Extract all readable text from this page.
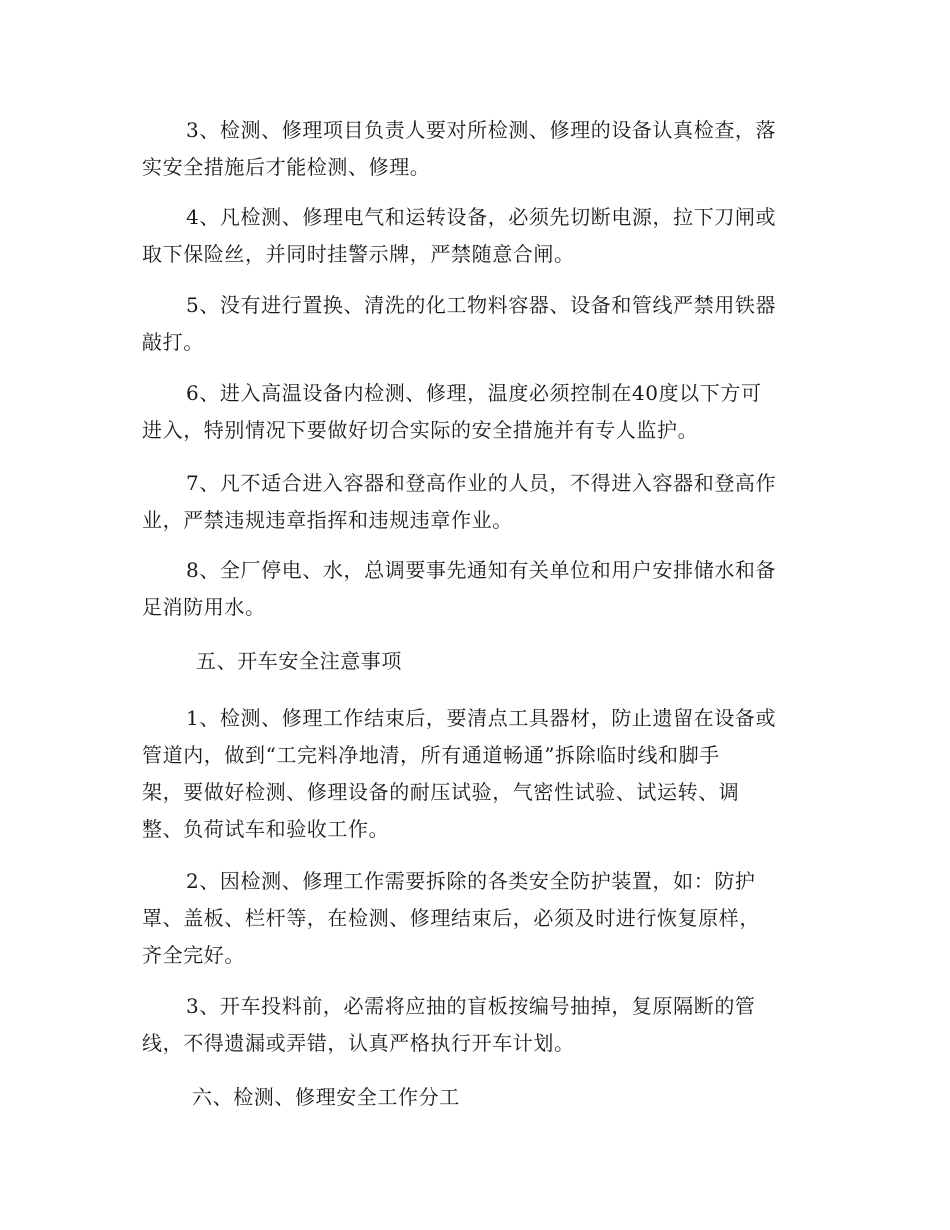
3、检测、修理项目负责人要对所检测、修理的设备认真检查，落
实安全措施后才能检测、修理。

4、凡检测、修理电气和运转设备，必须先切断电源，拉下刀闸或
取下保险丝，并同时挂警示牌，严禁随意合闸。

5、没有进行置换、清洗的化工物料容器、设备和管线严禁用铁器
敲打。

6、进入高温设备内检测、修理，温度必须控制在40度以下方可
进入，特别情况下要做好切合实际的安全措施并有专人监护。

7、凡不适合进入容器和登高作业的人员，不得进入容器和登高作
业，严禁违规违章指挥和违规违章作业。

8、全厂停电、水，总调要事先通知有关单位和用户安排储水和备
足消防用水。

五、开车安全注意事项

1、检测、修理工作结束后，要清点工具器材，防止遗留在设备或
管道内，做到“工完料净地清，所有通道畅通”拆除临时线和脚手
架，要做好检测、修理设备的耐压试验，气密性试验、试运转、调
整、负荷试车和验收工作。

2、因检测、修理工作需要拆除的各类安全防护装置，如：防护
罩、盖板、栏杆等，在检测、修理结束后，必须及时进行恢复原样，
齐全完好。

3、开车投料前，必需将应抽的盲板按编号抽掉，复原隔断的管
线，不得遗漏或弄错，认真严格执行开车计划。

六、检测、修理安全工作分工
